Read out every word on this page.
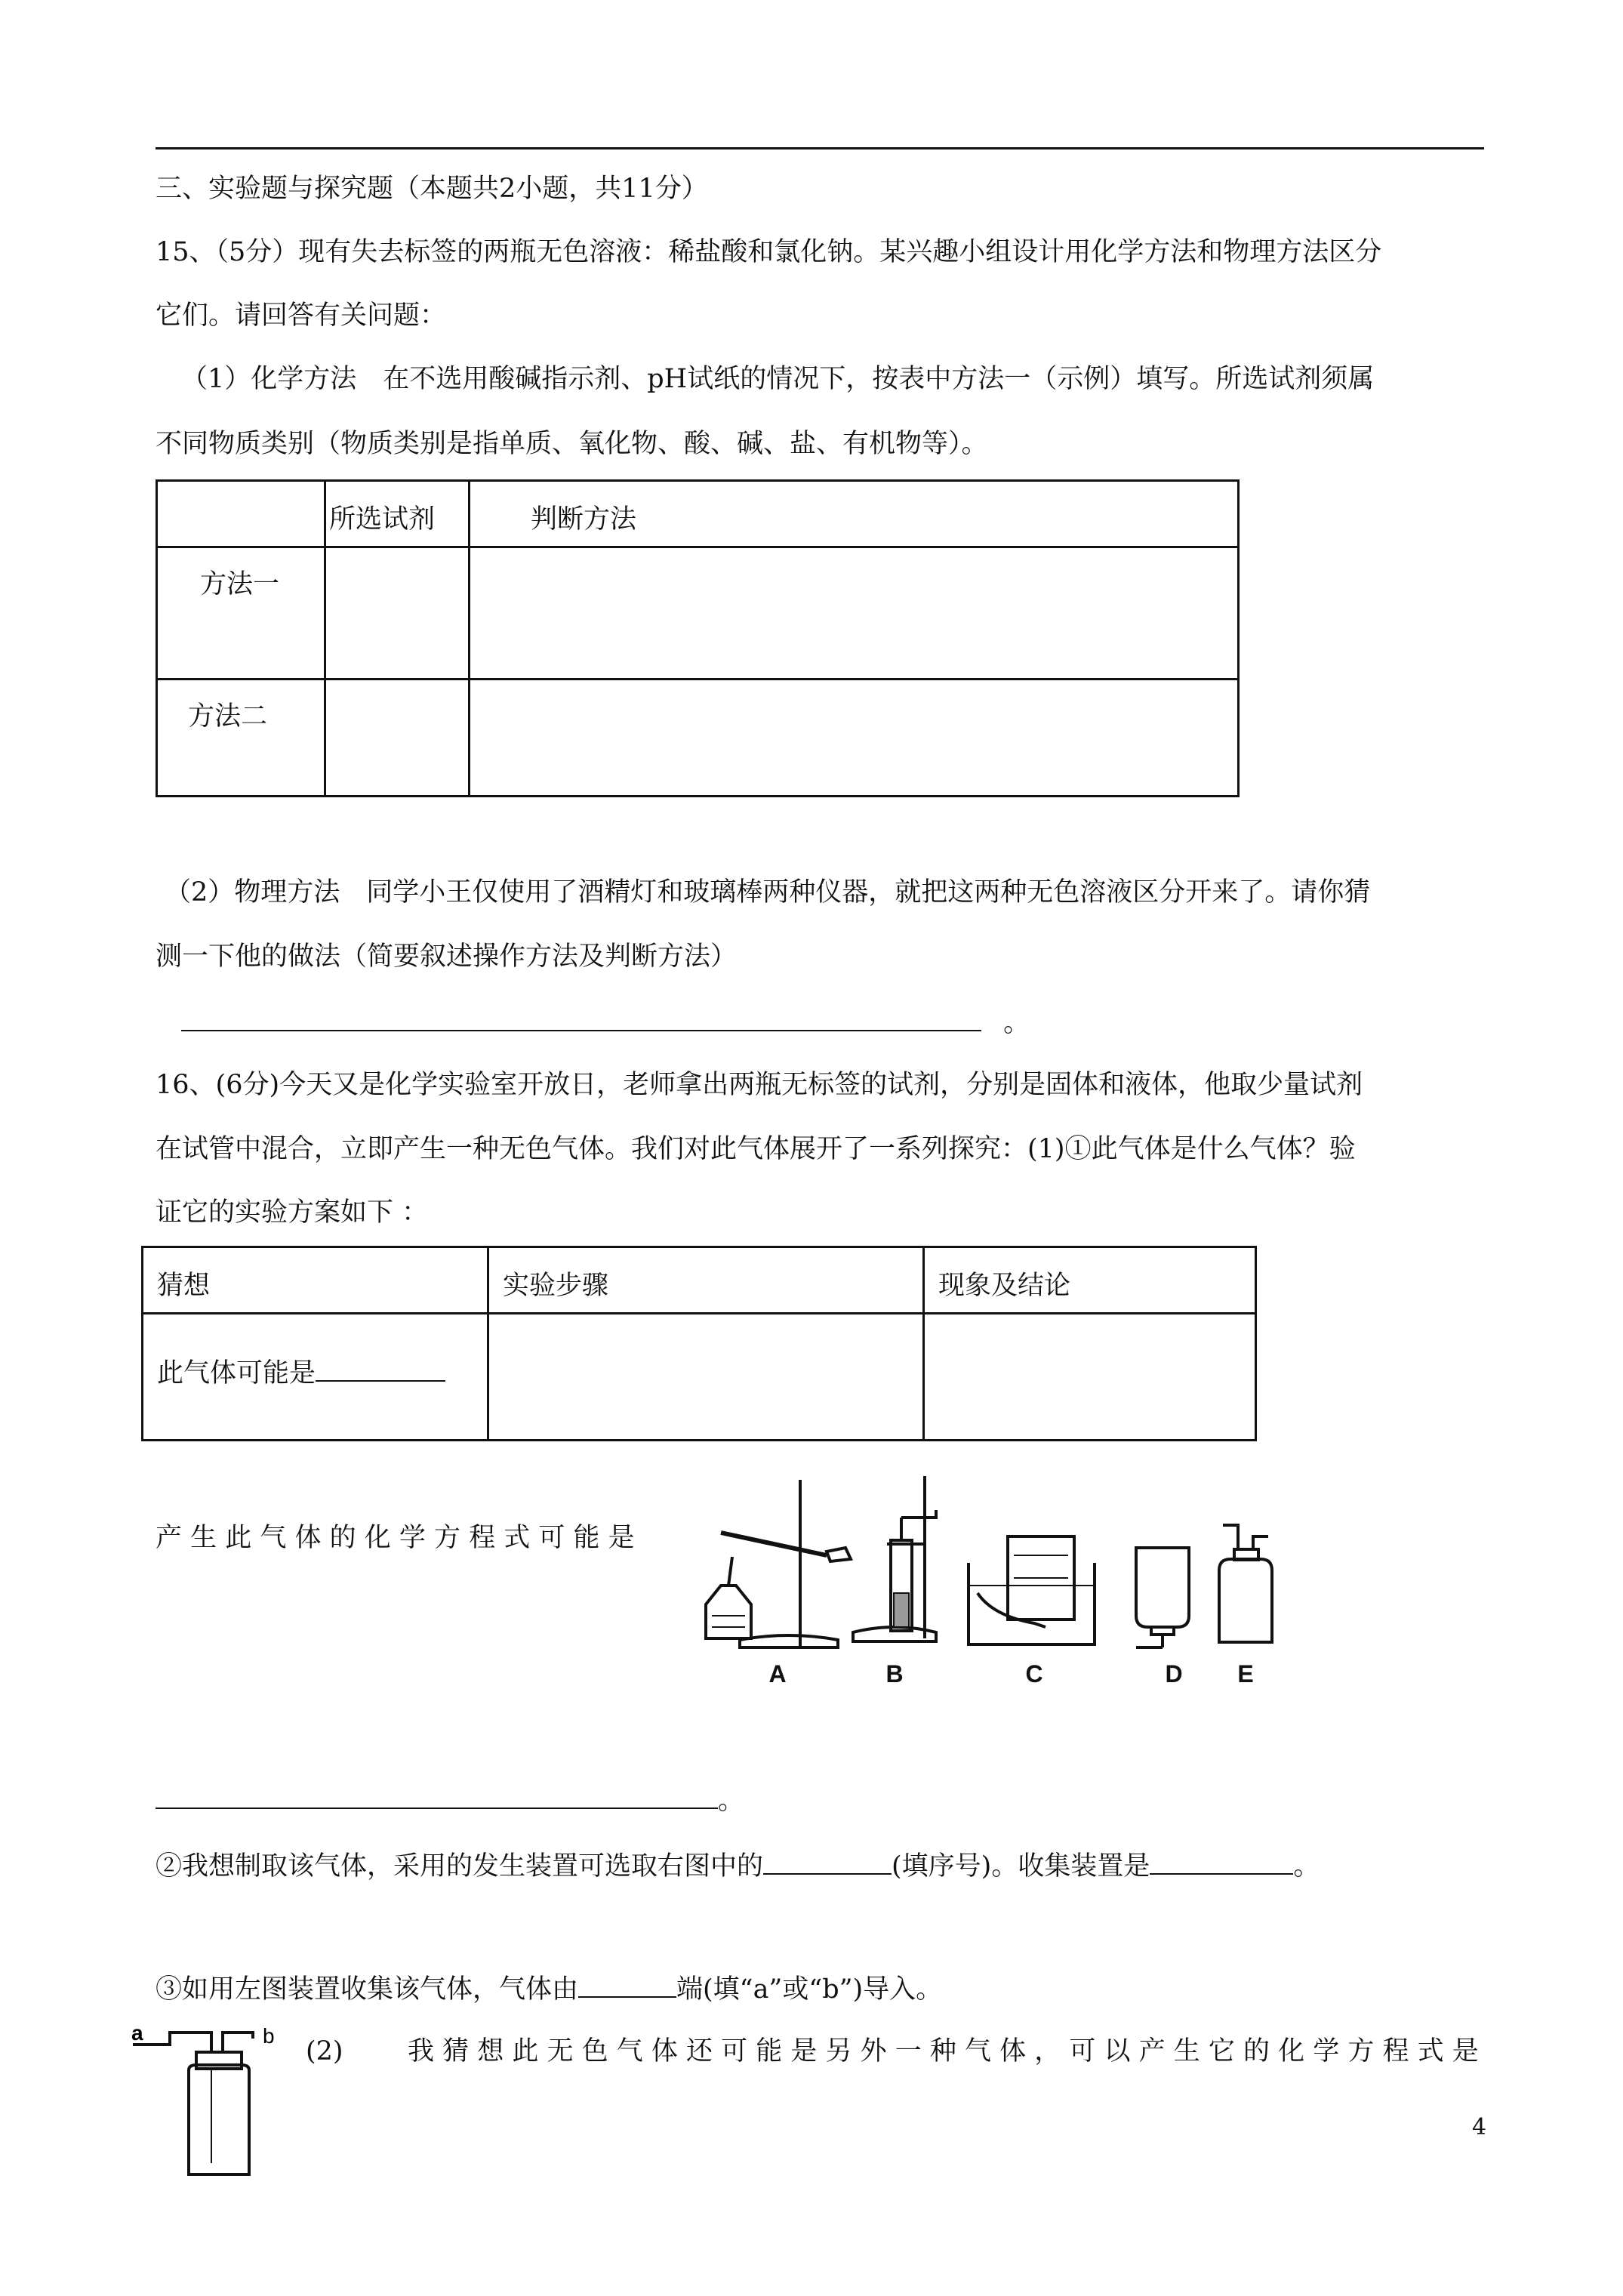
三、实验题与探究题（本题共2小题，共11分）
15、（5分）现有失去标签的两瓶无色溶液：稀盐酸和氯化钠。某兴趣小组设计用化学方法和物理方法区分
它们。请回答有关问题：
（1）化学方法　在不选用酸碱指示剂、pH试纸的情况下，按表中方法一（示例）填写。所选试剂须属
不同物质类别（物质类别是指单质、氧化物、酸、碱、盐、有机物等）。

	所选试剂	判断方法

方法一		

方法二		

（2）物理方法　同学小王仅使用了酒精灯和玻璃棒两种仪器，就把这两种无色溶液区分开来了。请你猜
测一下他的做法（简要叙述操作方法及判断方法）
。
16、(6分)今天又是化学实验室开放日，老师拿出两瓶无标签的试剂，分别是固体和液体，他取少量试剂
在试管中混合，立即产生一种无色气体。我们对此气体展开了一系列探究：(1)①此气体是什么气体？验
证它的实验方案如下 ：
猜想	实验步骤	现象及结论

此气体可能是		

产 生 此 气 体 的 化 学 方 程 式 可 能 是
A	B	C	D E
。
②我想制取该气体，采用的发生装置可选取右图中的	(填序号)。收集装置是	。
③如用左图装置收集该气体，气体由	端(填“a”或“b”)导入。
a	b
(2) 我 猜 想 此 无 色 气 体 还 可 能 是 另 外 一 种 气 体 ， 可 以 产 生 它 的 化 学 方 程 式 是
4
